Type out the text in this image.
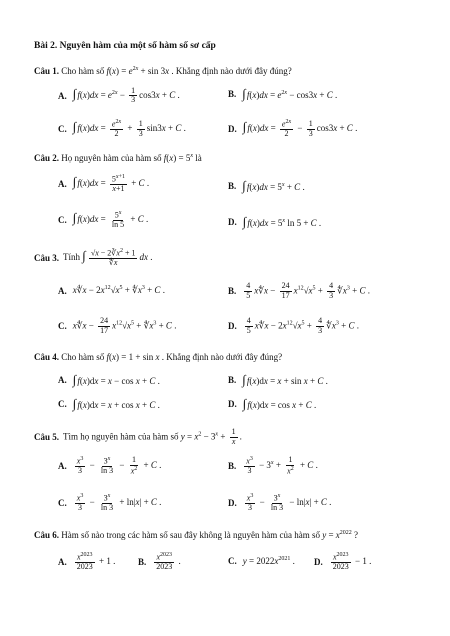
Bài 2. Nguyên hàm của một số hàm số sơ cấp
Câu 1. Cho hàm số $f(x) = e^{2x} + \sin 3x$ . Khẳng định nào dưới đây đúng?
A. $\int f(x)dx = e^{2x} - \frac{1}{3} \cos 3x + C$ .	B. $\int f(x)dx = e^{2x} - \cos 3x + C$ .
C. $\int f(x)dx = \frac{e^{2x}}{2} + \frac{1}{3} \sin 3x + C$ .	D. $\int f(x)dx = \frac{e^{2x}}{2} - \frac{1}{3} \cos 3x + C$ .
Câu 2. Họ nguyên hàm của hàm số $f(x) = 5^x$ là
A. $\int f(x)dx = \frac{5^{x+1}}{x+1} + C$ .	B. $\int f(x)dx = 5^x + C$ .
C. $\int f(x)dx = \frac{5^x}{\ln 5} + C$ .	D. $\int f(x)dx = 5^x$ ln 5 + C .
Câu 3. Tính ∫ $\frac{√x - 2∛x^2 + 1}{∜x}$ dx .
A. x∜x − $2x^{12}√x^5$ + $∜x^3 + C$ .	B. $\frac{4}{5}$ x∜x − $\frac{24}{17} x^{12}√x^5 + \frac{4}{3}$ $∜x^3 + C$ .
C. x∜x − $\frac{24}{17} x^{12}√x^5$ + $∜x^3 + C$ .	D. $\frac{4}{5}$ x∜x − $2x^{12}√x^5 + \frac{4}{3}$ $∜x^3 + C$ .
Câu 4. Cho hàm số f(x) = 1 + sin x . Khẳng định nào dưới đây đúng?
A. ∫f(x)dx = x − cos x + C .	B. ∫f(x)dx = x + sin x + C .
C. ∫f(x)dx = x + cos x + C .	D. ∫f(x)dx = cos x + C .
Câu 5. Tìm họ nguyên hàm của hàm số $y = x^2 - 3^x + \frac{1}{x}$ .
A. $\frac{x^3}{3} - \frac{3^x}{\ln 3} - \frac{1}{x^2} + C$ .	B. $\frac{x^3}{3} - 3^x + \frac{1}{x^2} + C$ .
C. $\frac{x^3}{3} - \frac{3^x}{\ln 3} + \ln|x| + C$ .	D. $\frac{x^3}{3} - \frac{3^x}{\ln 3} - \ln|x| + C$ .
Câu 6. Hàm số nào trong các hàm số sau đây không là nguyên hàm của hàm số $y = x^{2022}$ ?
A. $\frac{x^{2023}}{2023} + 1$ .	B. $\frac{x^{2023}}{2023}$ .	C. $y = 2022x^{2021}$ . D. $\frac{x^{2023}}{2023} - 1$ .
